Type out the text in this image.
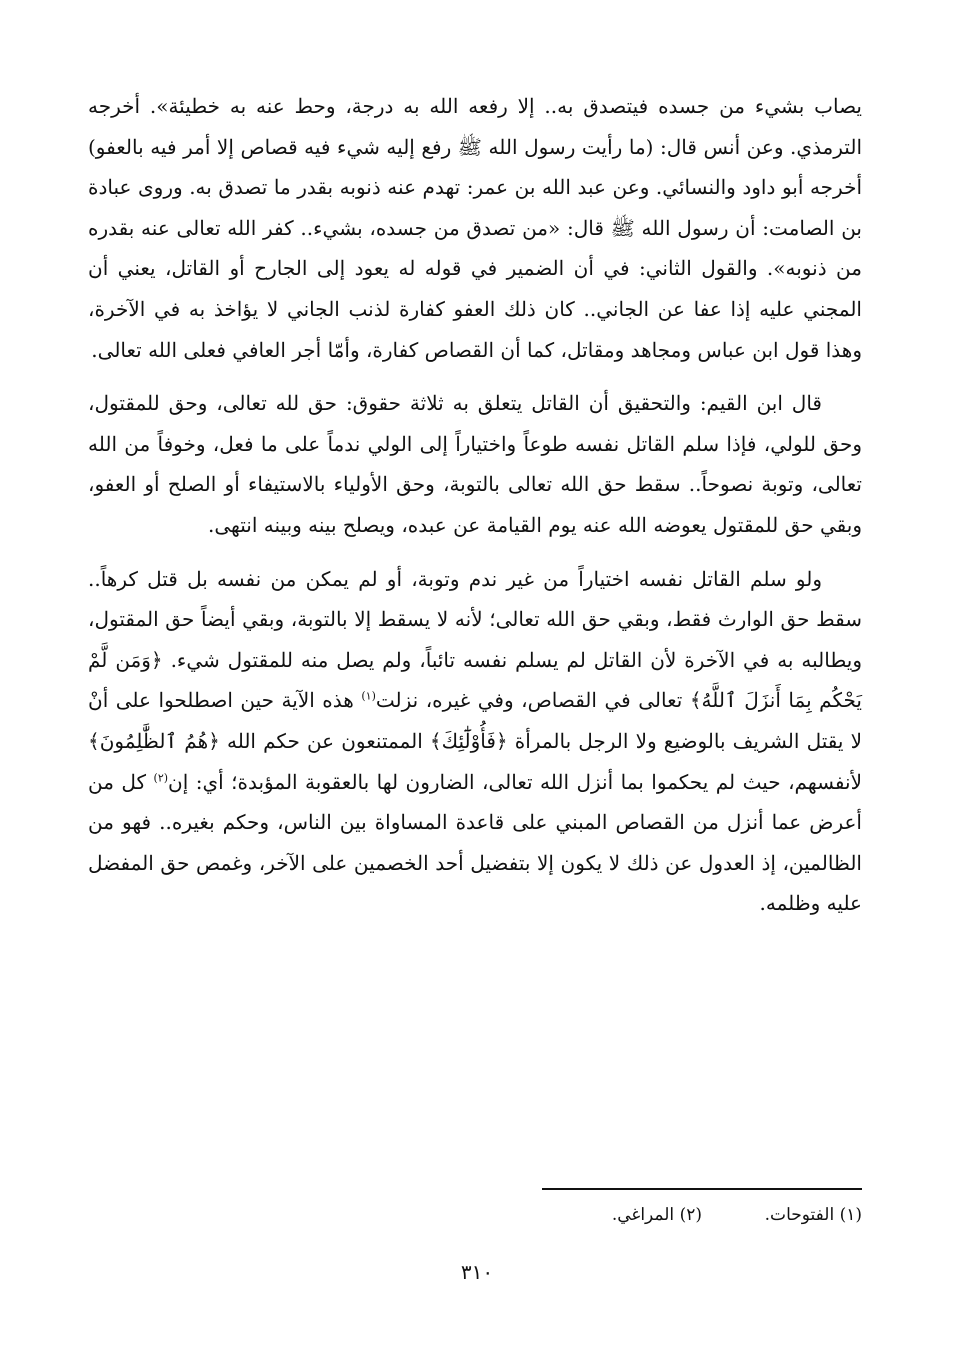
يصاب بشيء من جسده فيتصدق به.. إلا رفعه الله به درجة، وحط عنه به خطيئة». أخرجه الترمذي. وعن أنس قال: (ما رأيت رسول الله ﷺ رفع إليه شيء فيه قصاص إلا أمر فيه بالعفو) أخرجه أبو داود والنسائي. وعن عبد الله بن عمر: تهدم عنه ذنوبه بقدر ما تصدق به. وروى عبادة بن الصامت: أن رسول الله ﷺ قال: «من تصدق من جسده، بشيء.. كفر الله تعالى عنه بقدره من ذنوبه». والقول الثاني: في أن الضمير في قوله له يعود إلى الجارح أو القاتل، يعني أن المجني عليه إذا عفا عن الجاني.. كان ذلك العفو كفارة لذنب الجاني لا يؤاخذ به في الآخرة، وهذا قول ابن عباس ومجاهد ومقاتل، كما أن القصاص كفارة، وأمّا أجر العافي فعلى الله تعالى.

قال ابن القيم: والتحقيق أن القاتل يتعلق به ثلاثة حقوق: حق لله تعالى، وحق للمقتول، وحق للولي، فإذا سلم القاتل نفسه طوعاً واختياراً إلى الولي ندماً على ما فعل، وخوفاً من الله تعالى، وتوبة نصوحاً.. سقط حق الله تعالى بالتوبة، وحق الأولياء بالاستيفاء أو الصلح أو العفو، وبقي حق للمقتول يعوضه الله عنه يوم القيامة عن عبده، ويصلح بينه وبينه انتهى.

ولو سلم القاتل نفسه اختياراً من غير ندم وتوبة، أو لم يمكن من نفسه بل قتل كرهاً.. سقط حق الوارث فقط، وبقي حق الله تعالى؛ لأنه لا يسقط إلا بالتوبة، وبقي أيضاً حق المقتول، ويطالبه به في الآخرة لأن القاتل لم يسلم نفسه تائباً، ولم يصل منه للمقتول شيء. ﴿وَمَن لَّمْ يَحْكُم بِمَا أَنزَلَ ٱللَّهُ﴾ تعالى في القصاص، وفي غيره، نزلت$^{(١)}$ هذه الآية حين اصطلحوا على أنْ لا يقتل الشريف بالوضيع ولا الرجل بالمرأة ﴿فَأُوْلَٰٓئِكَ﴾ الممتنعون عن حكم الله ﴿هُمُ ٱلظَّٰلِمُونَ﴾ لأنفسهم، حيث لم يحكموا بما أنزل الله تعالى، الضارون لها بالعقوبة المؤبدة؛ أي: إن$^{(٢)}$ كل من أعرض عما أنزل من القصاص المبني على قاعدة المساواة بين الناس، وحكم بغيره.. فهو من الظالمين، إذ العدول عن ذلك لا يكون إلا بتفضيل أحد الخصمين على الآخر، وغمص حق المفضل عليه وظلمه.

(١) الفتوحات.
(٢) المراغي.
٣١٠
